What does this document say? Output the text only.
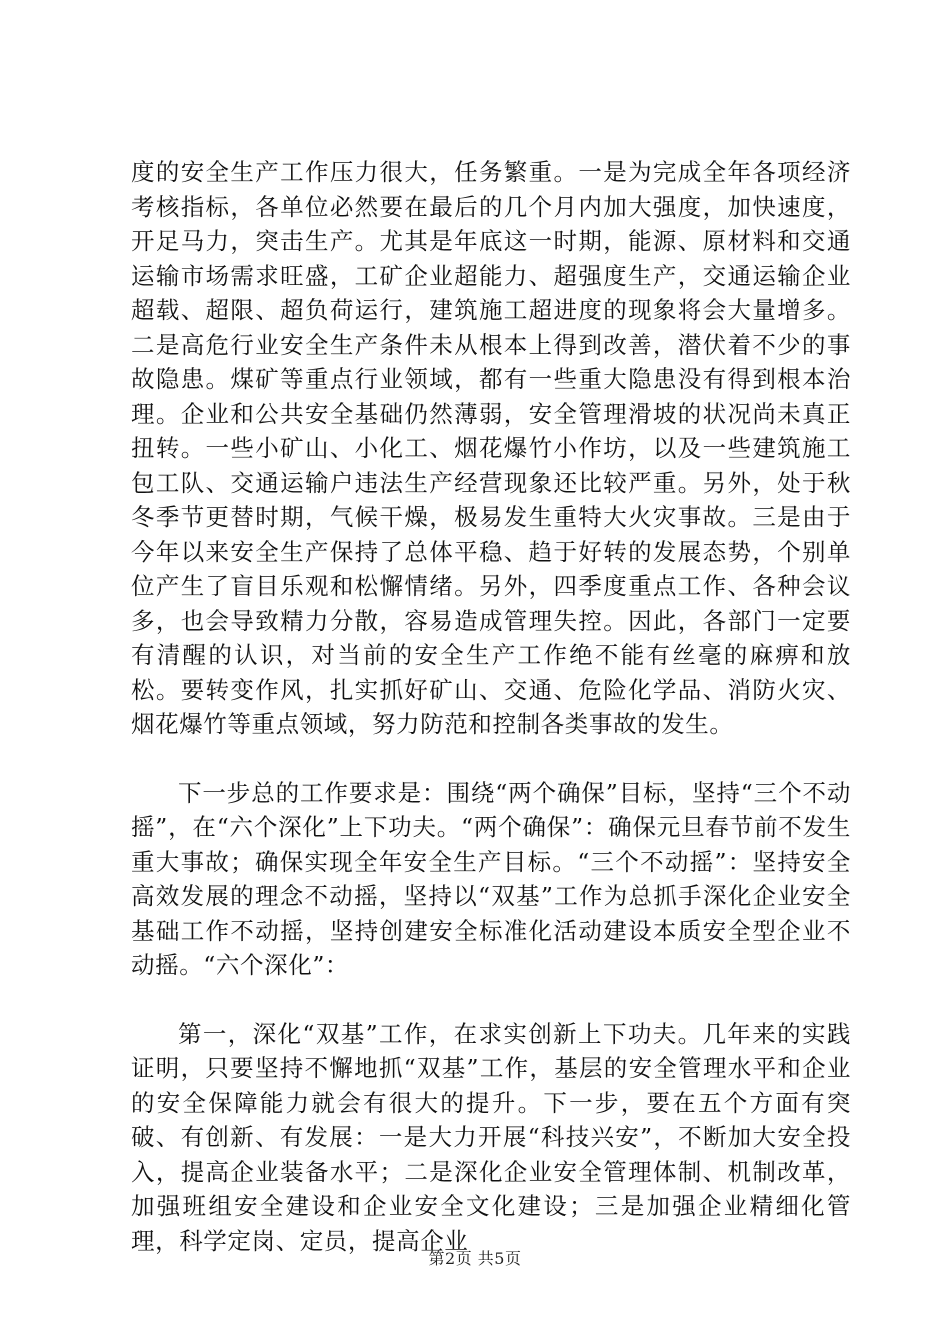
度的安全生产工作压力很大，任务繁重。一是为完成全年各项经济考核指标，各单位必然要在最后的几个月内加大强度，加快速度，开足马力，突击生产。尤其是年底这一时期，能源、原材料和交通运输市场需求旺盛，工矿企业超能力、超强度生产，交通运输企业超载、超限、超负荷运行，建筑施工超进度的现象将会大量增多。二是高危行业安全生产条件未从根本上得到改善，潜伏着不少的事故隐患。煤矿等重点行业领域，都有一些重大隐患没有得到根本治理。企业和公共安全基础仍然薄弱，安全管理滑坡的状况尚未真正扭转。一些小矿山、小化工、烟花爆竹小作坊，以及一些建筑施工包工队、交通运输户违法生产经营现象还比较严重。另外，处于秋冬季节更替时期，气候干燥，极易发生重特大火灾事故。三是由于今年以来安全生产保持了总体平稳、趋于好转的发展态势，个别单位产生了盲目乐观和松懈情绪。另外，四季度重点工作、各种会议多，也会导致精力分散，容易造成管理失控。因此，各部门一定要有清醒的认识，对当前的安全生产工作绝不能有丝毫的麻痹和放松。要转变作风，扎实抓好矿山、交通、危险化学品、消防火灾、烟花爆竹等重点领域，努力防范和控制各类事故的发生。

下一步总的工作要求是：围绕“两个确保”目标，坚持“三个不动摇”，在“六个深化”上下功夫。“两个确保”：确保元旦春节前不发生重大事故；确保实现全年安全生产目标。“三个不动摇”：坚持安全高效发展的理念不动摇，坚持以“双基”工作为总抓手深化企业安全基础工作不动摇，坚持创建安全标准化活动建设本质安全型企业不动摇。“六个深化”：

第一，深化“双基”工作，在求实创新上下功夫。几年来的实践证明，只要坚持不懈地抓“双基”工作，基层的安全管理水平和企业的安全保障能力就会有很大的提升。下一步，要在五个方面有突破、有创新、有发展：一是大力开展“科技兴安”，不断加大安全投入，提高企业装备水平；二是深化企业安全管理体制、机制改革，加强班组安全建设和企业安全文化建设；三是加强企业精细化管理，科学定岗、定员，提高企业

第2页 共5页
